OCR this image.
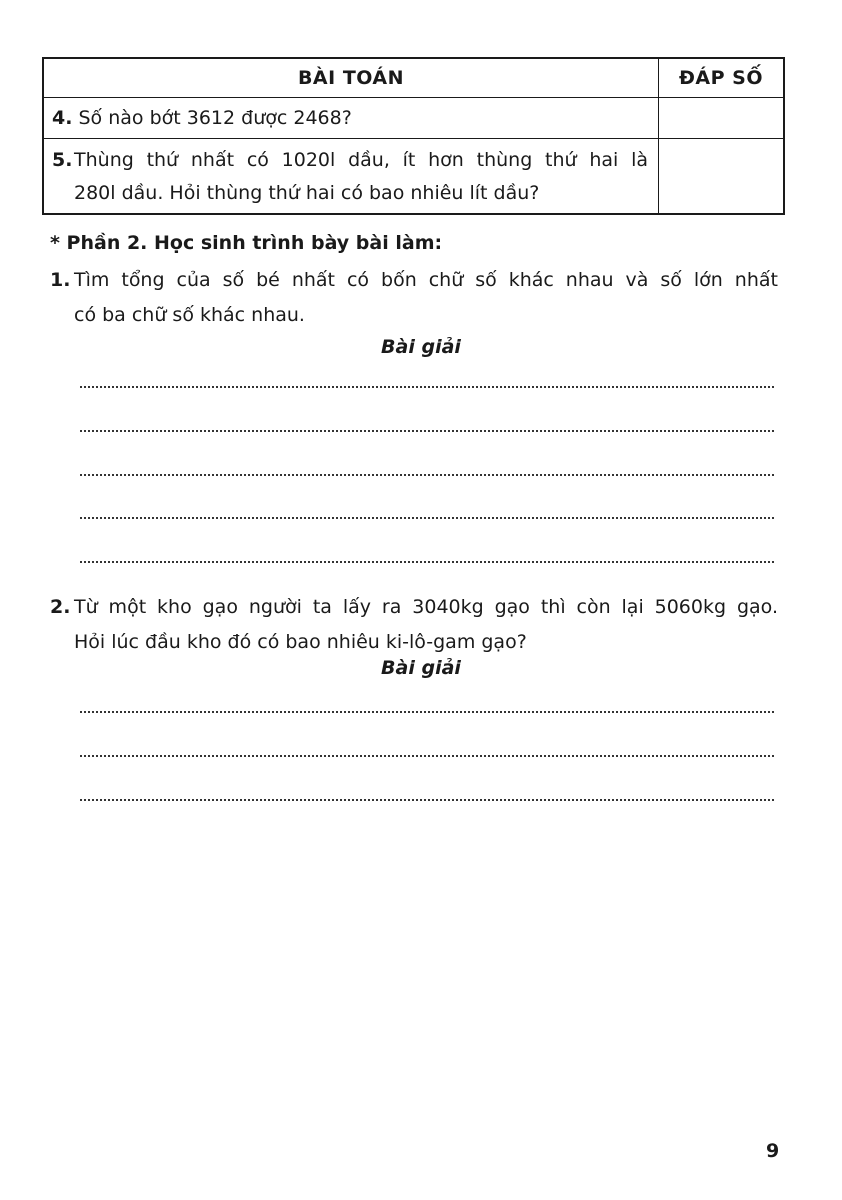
BÀI TOÁN	ĐÁP SỐ
4.
Số nào bớt 3612 được 2468?
5. Thùng thứ nhất có 1020l dầu, ít hơn thùng thứ hai là
280l dầu. Hỏi thùng thứ hai có bao nhiêu lít dầu?
* Phần 2. Học sinh trình bày bài làm:
1. Tìm tổng của số bé nhất có bốn chữ số khác nhau và số lớn nhất
có ba chữ số khác nhau.
Bài giải
2. Từ một kho gạo người ta lấy ra 3040kg gạo thì còn lại 5060kg gạo.
Hỏi lúc đầu kho đó có bao nhiêu ki-lô-gam gạo?
Bài giải
9
